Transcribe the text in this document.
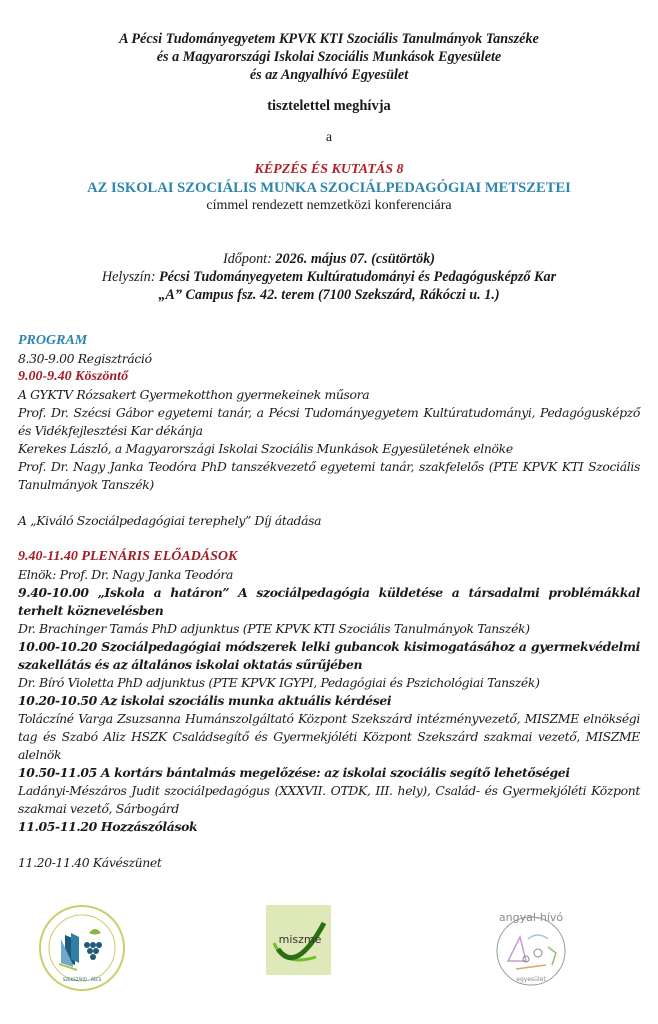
A Pécsi Tudományegyetem KPVK KTI Szociális Tanulmányok Tanszéke
és a Magyarországi Iskolai Szociális Munkások Egyesülete
és az Angyalhívó Egyesület
tisztelettel meghívja
a
KÉPZÉS ÉS KUTATÁS 8
AZ ISKOLAI SZOCIÁLIS MUNKA SZOCIÁLPEDAGÓGIAI METSZETEI
címmel rendezett nemzetközi konferenciára
Időpont: 2026. május 07. (csütörtök)
Helyszín: Pécsi Tudományegyetem Kultúratudományi és Pedagógusképző Kar
„A” Campus fsz. 42. terem (7100 Szekszárd, Rákóczi u. 1.)

PROGRAM

8.30-9.00 Regisztráció

9.00-9.40 Köszöntő

A GYKTV Rózsakert Gyermekotthon gyermekeinek műsora

Prof. Dr. Szécsi Gábor egyetemi tanár, a Pécsi Tudományegyetem Kultúratudományi, Pedagógusképző és Vidékfejlesztési Kar dékánja

Kerekes László, a Magyarországi Iskolai Szociális Munkások Egyesületének elnöke

Prof. Dr. Nagy Janka Teodóra PhD tanszékvezető egyetemi tanár, szakfelelős (PTE KPVK KTI Szociális Tanulmányok Tanszék)

A „Kiváló Szociálpedagógiai terephely” Díj átadása

9.40-11.40 PLENÁRIS ELŐADÁSOK

Elnök: Prof. Dr. Nagy Janka Teodóra

9.40-10.00 „Iskola a határon” A szociálpedagógia küldetése a társadalmi problémákkal terhelt köznevelésben

Dr. Brachinger Tamás PhD adjunktus (PTE KPVK KTI Szociális Tanulmányok Tanszék)

10.00-10.20 Szociálpedagógiai módszerek lelki gubancok kisimogatásához a gyermekvédelmi szakellátás és az általános iskolai oktatás sűrűjében

Dr. Bíró Violetta PhD adjunktus (PTE KPVK IGYPI, Pedagógiai és Pszichológiai Tanszék)

10.20-10.50 Az iskolai szociális munka aktuális kérdései

Toláczíné Varga Zsuzsanna Humánszolgáltató Központ Szekszárd intézményvezető, MISZME elnökségi tag és Szabó Aliz HSZK Családsegítő és Gyermekjóléti Központ Szekszárd szakmai vezető, MISZME alelnök

10.50-11.05 A kortárs bántalmás megelőzése: az iskolai szociális segítő lehetőségei

Ladányi-Mészáros Judit szociálpedagógus (XXXVII. OTDK, III. hely), Család- és Gyermekjóléti Központ szakmai vezető, Sárbogárd

11.05-11.20 Hozzászólások

11.20-11.40 Kávészünet

SZEKSZÁRD · PÉCS
miszme
angyal-hívó
egyesület
